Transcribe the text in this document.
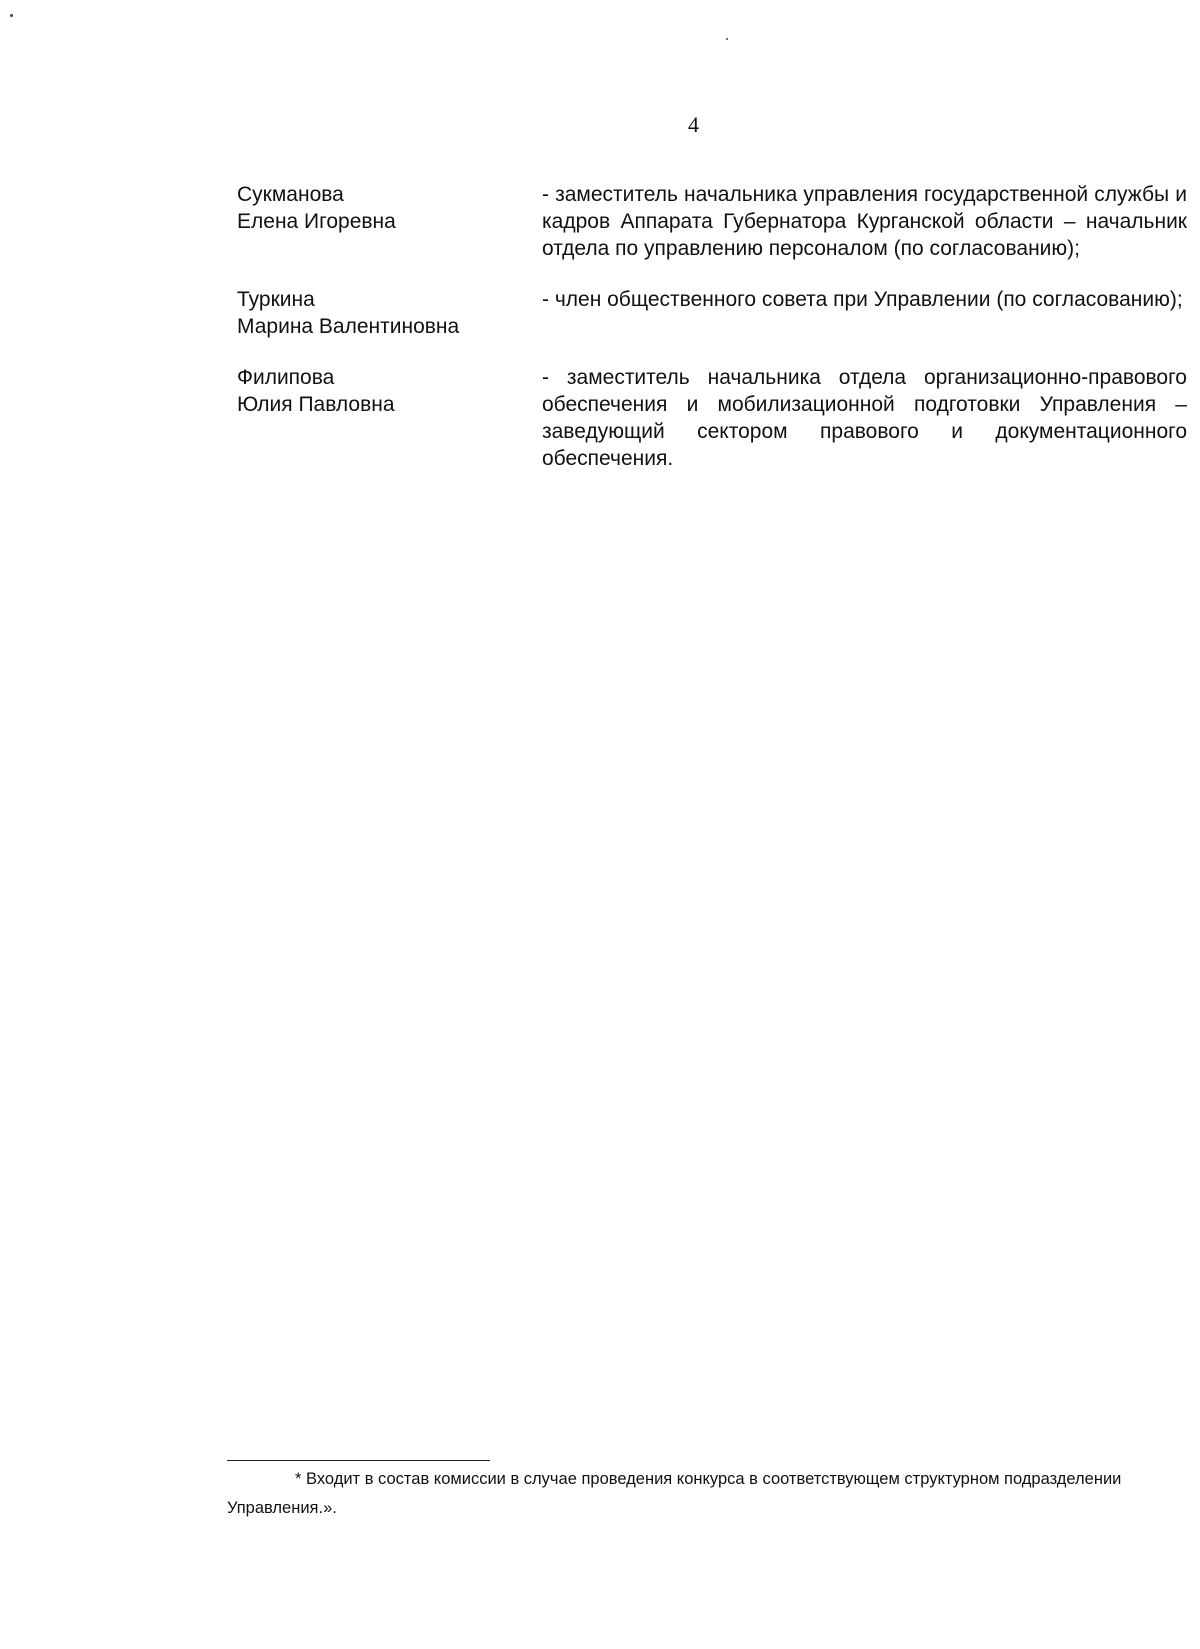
4
Сукманова
Елена Игоревна
- заместитель начальника управления государственной службы и кадров Аппарата Губернатора Курганской области – начальник отдела по управлению персоналом (по согласованию);
Туркина
Марина Валентиновна
- член общественного совета при Управлении (по согласованию);
Филипова
Юлия Павловна
- заместитель начальника отдела организационно-правового обеспечения и мобилизационной подготовки Управления – заведующий сектором правового и документационного обеспечения.
* Входит в состав комиссии в случае проведения конкурса в соответствующем структурном подразделении Управления.».
